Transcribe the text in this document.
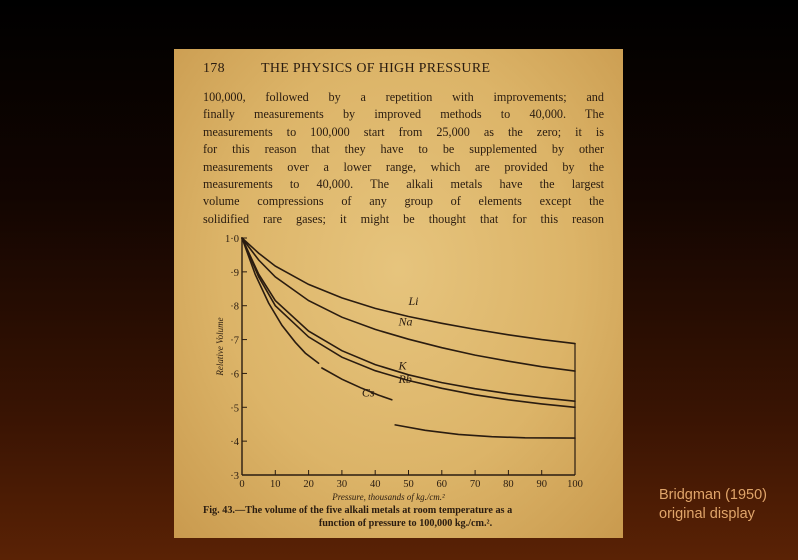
178	THE PHYSICS OF HIGH PRESSURE
100,000, followed by a repetition with improvements; and
finally measurements by improved methods to 40,000. The
measurements to 100,000 start from 25,000 as the zero; it is
for this reason that they have to be supplemented by other
measurements over a lower range, which are provided by the
measurements to 40,000. The alkali metals have the largest
volume compressions of any group of elements except the
solidified rare gases; it might be thought that for this reason
0 10 20 30 40 50 60 70 80 90 100
·3
·4
·5
·6
·7
·8
·9
1·0
Relative Volume
Pressure, thousands of kg./cm.²
Li
Na
K
Rb
Cs
Fig. 43.—The volume of the five alkali metals at room temperature as a
function of pressure to 100,000 kg./cm.².
Bridgman (1950)
original display
